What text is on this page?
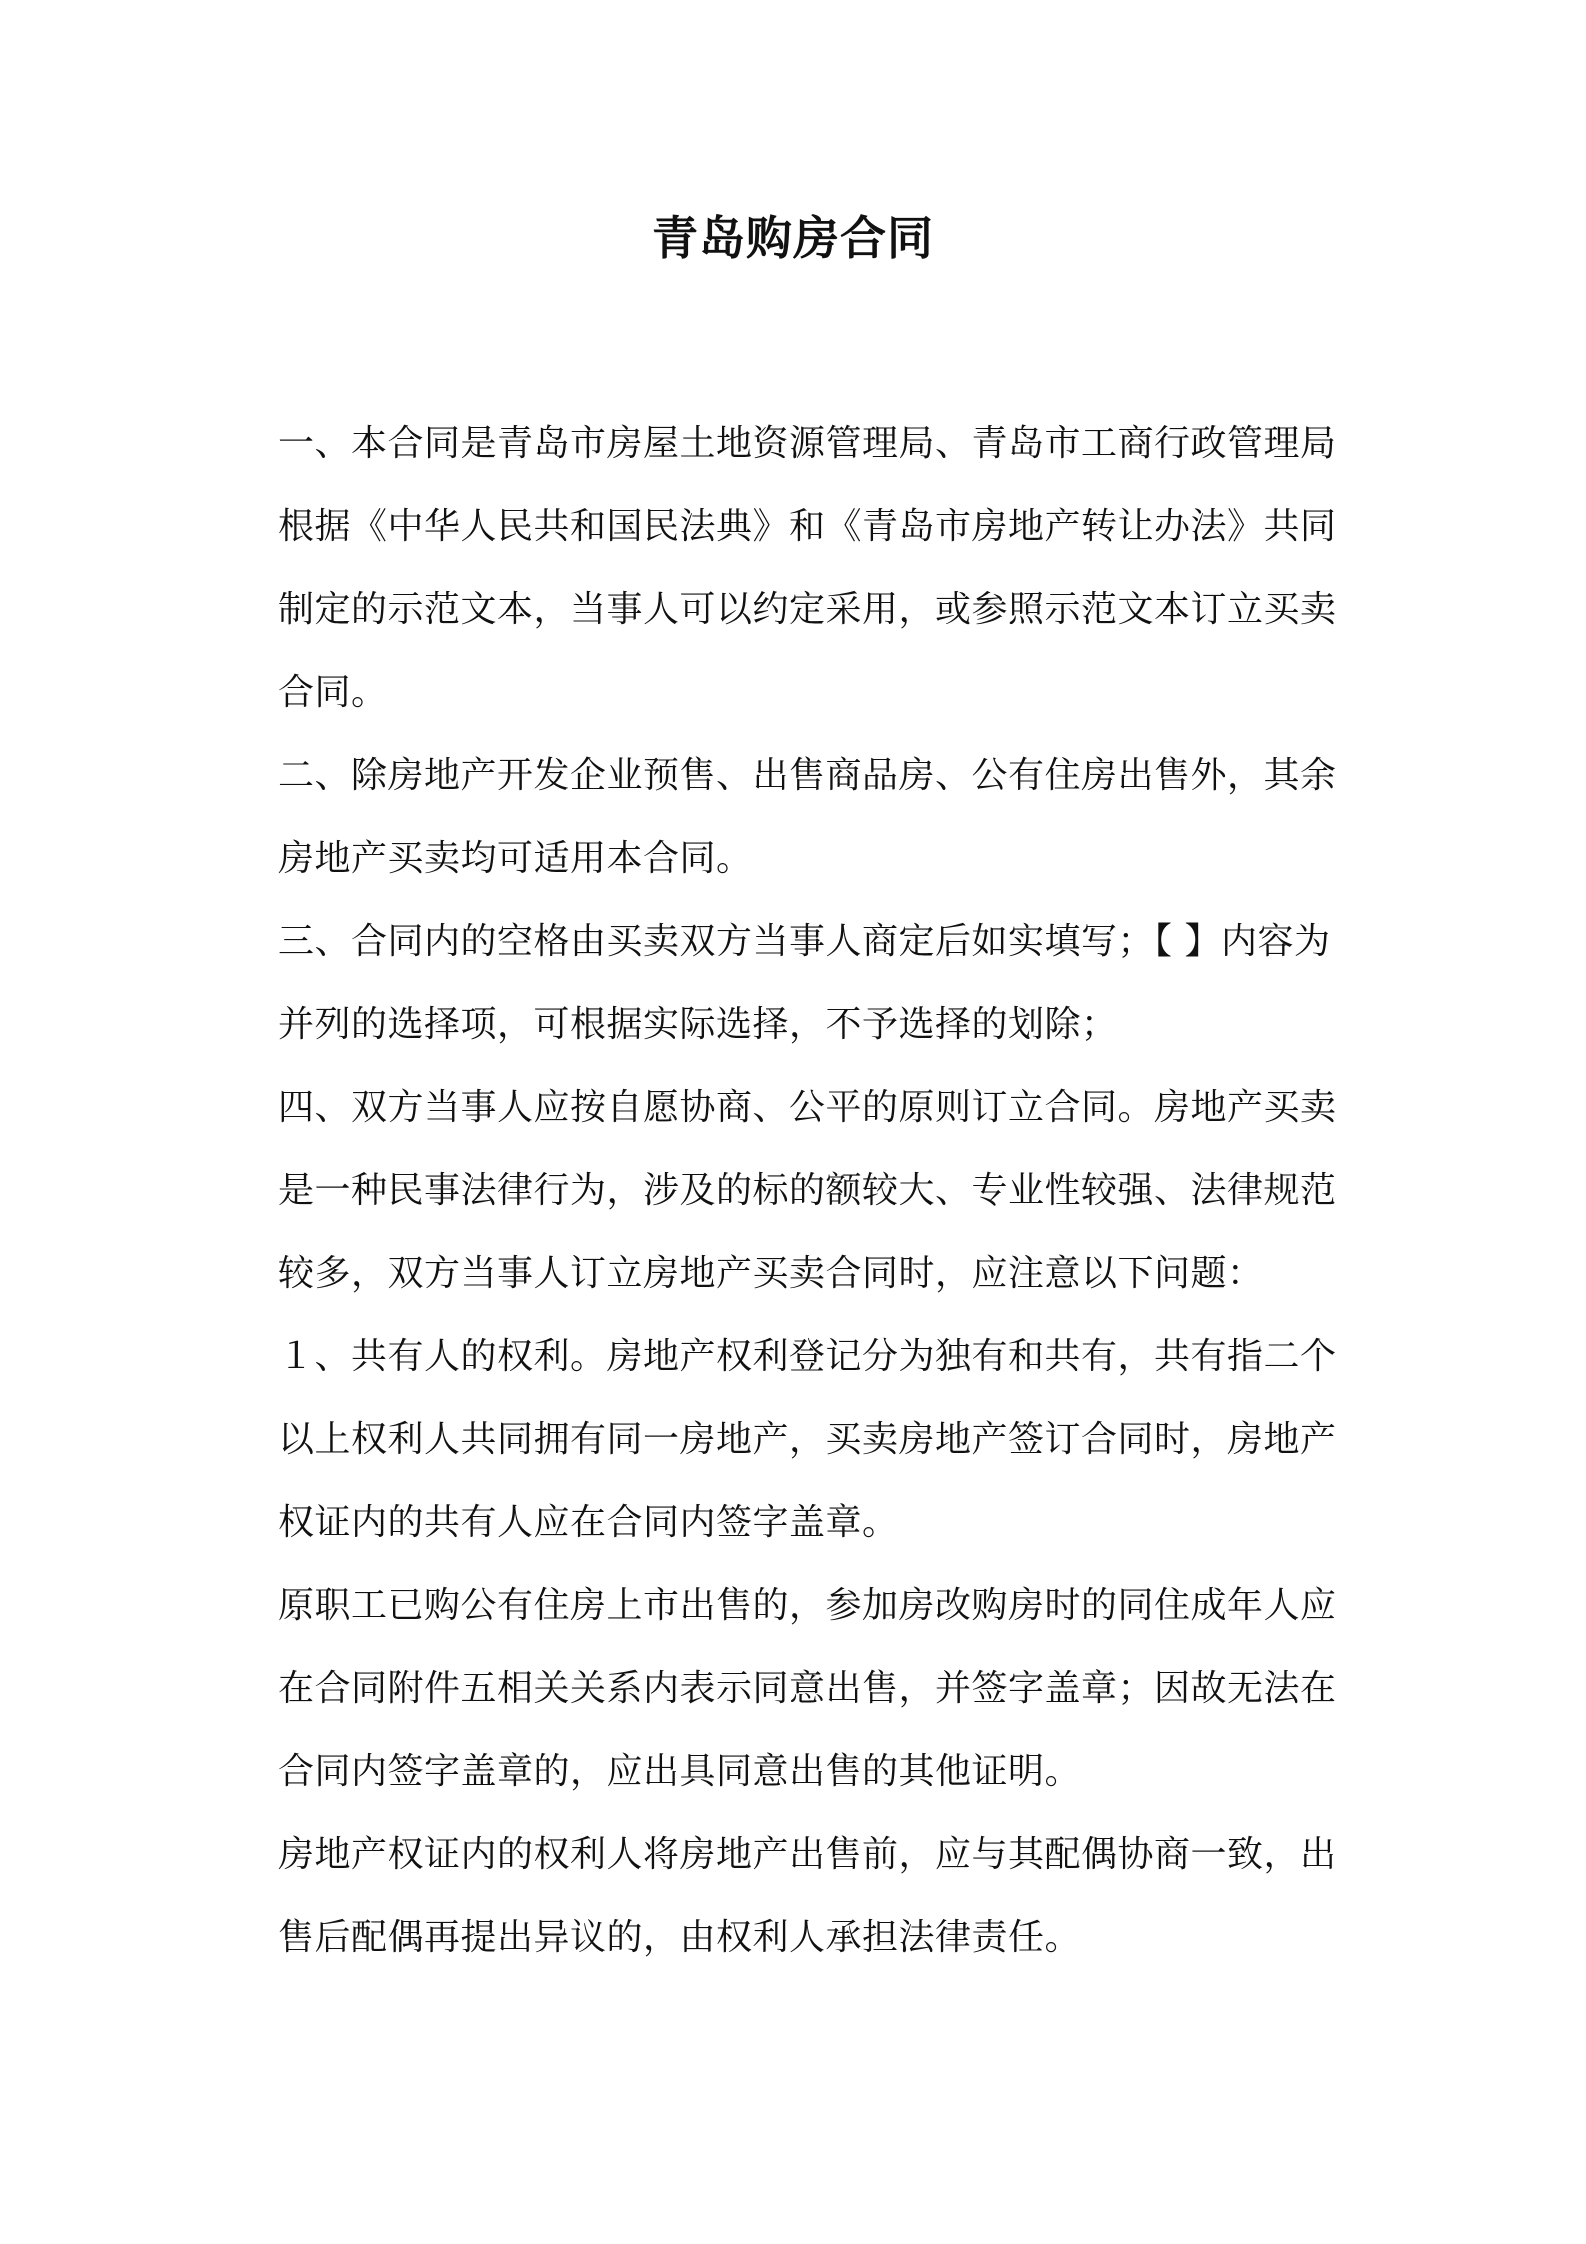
青岛购房合同
一、本合同是青岛市房屋土地资源管理局、青岛市工商行政管理局
根据《中华人民共和国民法典》和《青岛市房地产转让办法》共同
制定的示范文本，当事人可以约定采用，或参照示范文本订立买卖
合同。
二、除房地产开发企业预售、出售商品房、公有住房出售外，其余
房地产买卖均可适用本合同。
三、合同内的空格由买卖双方当事人商定后如实填写；【 】内容为
并列的选择项，可根据实际选择，不予选择的划除；
四、双方当事人应按自愿协商、公平的原则订立合同。房地产买卖
是一种民事法律行为，涉及的标的额较大、专业性较强、法律规范
较多，双方当事人订立房地产买卖合同时，应注意以下问题：
１、共有人的权利。房地产权利登记分为独有和共有，共有指二个
以上权利人共同拥有同一房地产，买卖房地产签订合同时，房地产
权证内的共有人应在合同内签字盖章。
原职工已购公有住房上市出售的，参加房改购房时的同住成年人应
在合同附件五相关关系内表示同意出售，并签字盖章；因故无法在
合同内签字盖章的，应出具同意出售的其他证明。
房地产权证内的权利人将房地产出售前，应与其配偶协商一致，出
售后配偶再提出异议的，由权利人承担法律责任。
